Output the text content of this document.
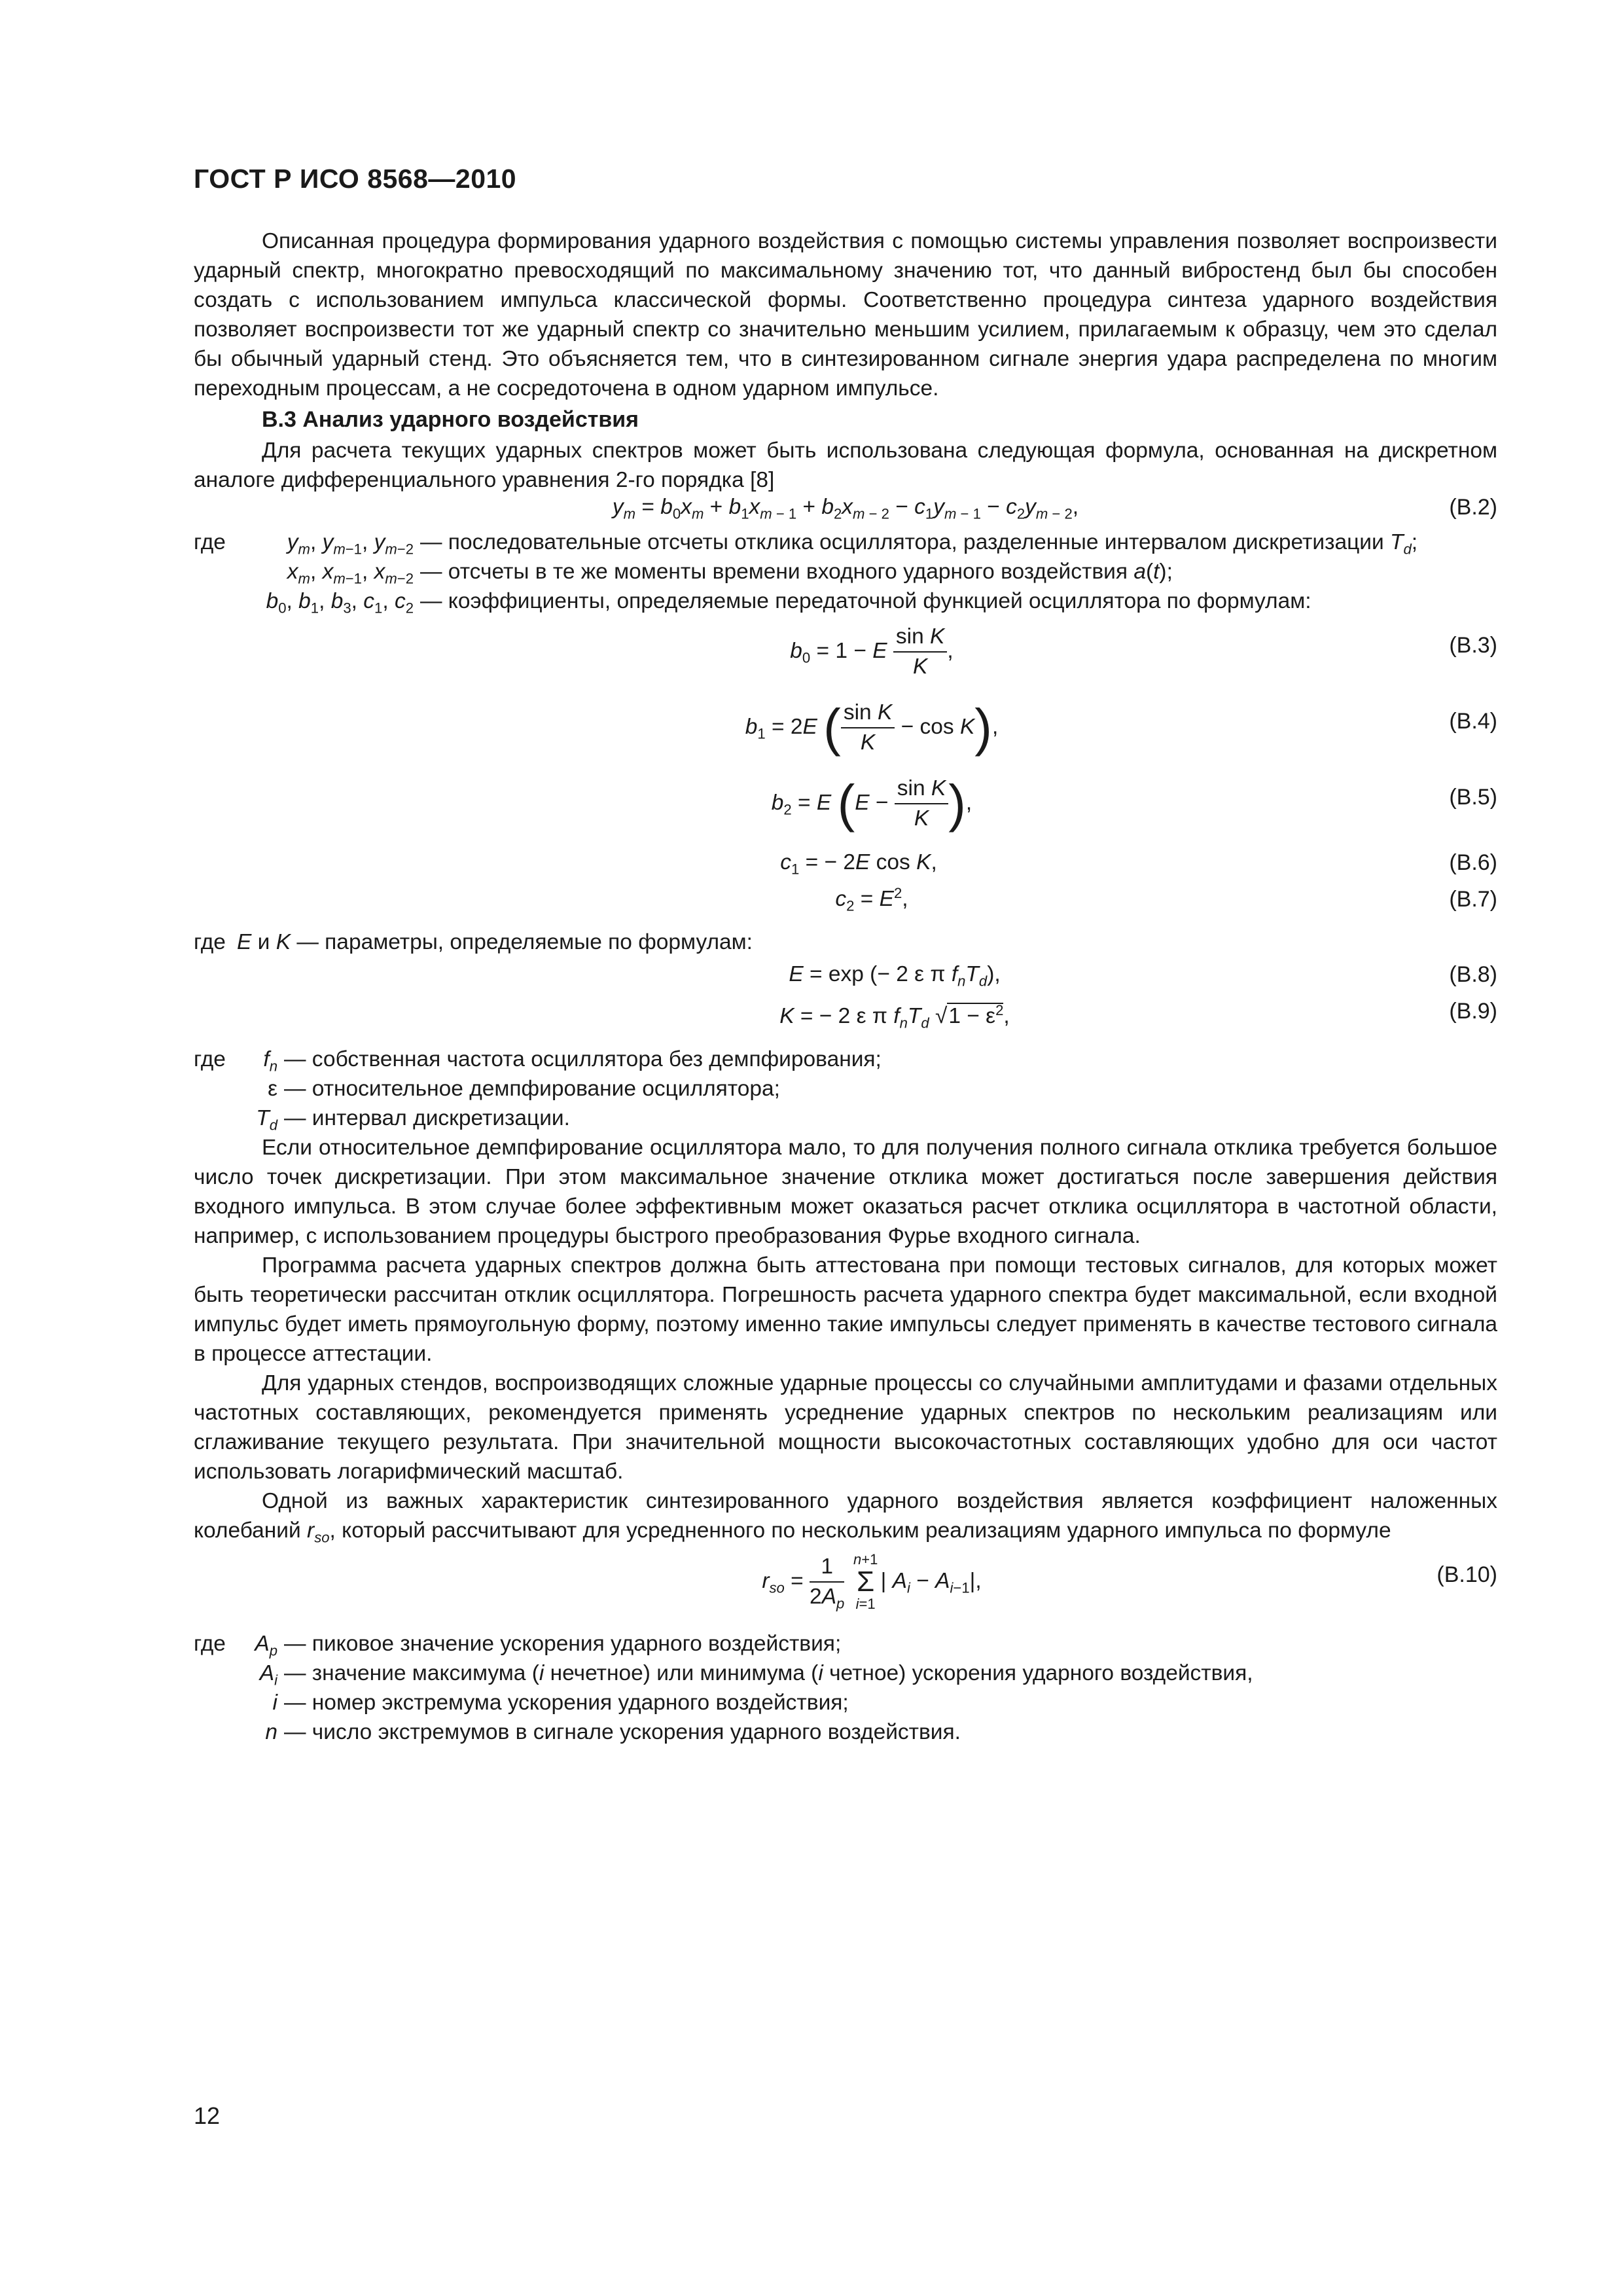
ГОСТ Р ИСО 8568—2010

Описанная процедура формирования ударного воздействия с помощью системы управления позволяет воспроизвести ударный спектр, многократно превосходящий по максимальному значению тот, что данный вибростенд был бы способен создать с использованием импульса классической формы. Соответственно процедура синтеза ударного воздействия позволяет воспроизвести тот же ударный спектр со значительно меньшим усилием, прилагаемым к образцу, чем это сделал бы обычный ударный стенд. Это объясняется тем, что в синтезированном сигнале энергия удара распределена по многим переходным процессам, а не сосредоточена в одном ударном импульсе.

В.3 Анализ ударного воздействия

Для расчета текущих ударных спектров может быть использована следующая формула, основанная на дискретном аналоге дифференциального уравнения 2-го порядка [8]

$y_m = b_0x_m + b_1x_{m - 1} + b_2x_{m - 2} - c_1y_{m - 1} - c_2y_{m - 2}$,	(В.2)
где	$y_m$, $y_{m-1}$, $y_{m-2}$ — последовательные отсчеты отклика осциллятора, разделенные интервалом дискретизации $T_d$;
$x_m$, $x_{m-1}$, $x_{m-2}$ — отсчеты в те же моменты времени входного ударного воздействия a(t);
$b_0$, $b_1$, $b_3$, $c_1$, $c_2$ — коэффициенты, определяемые передаточной функцией осциллятора по формулам:
$b_0 = 1 - E \frac{\text{sin K}}{K}$ ,	(В.3)
$b_1 = 2E$ ( $\frac{\text{sin K}}{K} - \cos K$),	(В.4)
$b_2 = E$ ($E - \frac{\text{sin K}}{K}$ ),	(В.5)
$c_1$ = − 2E cos K,	(В.6)
$c_2 = E^2$,	(В.7)
где E и K — параметры, определяемые по формулам:
E = exp (− 2 ε π $f_nT_d$),	(В.8)
K = − 2 ε π $f_nT_d$ $√1 - \varepsilon^2$,	(В.9)
где $f_n$ — собственная частота осциллятора без демпфирования;
ε — относительное демпфирование осциллятора;
$T_d$ — интервал дискретизации.

Если относительное демпфирование осциллятора мало, то для получения полного сигнала отклика требуется большое число точек дискретизации. При этом максимальное значение отклика может достигаться после завершения действия входного импульса. В этом случае более эффективным может оказаться расчет отклика осциллятора в частотной области, например, с использованием процедуры быстрого преобразования Фурье входного сигнала.

Программа расчета ударных спектров должна быть аттестована при помощи тестовых сигналов, для которых может быть теоретически рассчитан отклик осциллятора. Погрешность расчета ударного спектра будет максимальной, если входной импульс будет иметь прямоугольную форму, поэтому именно такие импульсы следует применять в качестве тестового сигнала в процессе аттестации.

Для ударных стендов, воспроизводящих сложные ударные процессы со случайными амплитудами и фазами отдельных частотных составляющих, рекомендуется применять усреднение ударных спектров по нескольким реализациям или сглаживание текущего результата. При значительной мощности высокочастотных составляющих удобно для оси частот использовать логарифмический масштаб.

Одной из важных характеристик синтезированного ударного воздействия является коэффициент наложенных колебаний $r_{so}$, который рассчитывают для усредненного по нескольким реализациям ударного импульса по формуле

$r_{so} = \frac{1}{2A_p}$
n+1
Σ
i=1
| $A_i - A_{i-1}|$,	(В.10)
где $A_p$ — пиковое значение ускорения ударного воздействия;
$A_i$ — значение максимума (i нечетное) или минимума (i четное) ускорения ударного воздействия,
i — номер экстремума ускорения ударного воздействия;
n — число экстремумов в сигнале ускорения ударного воздействия.
12
